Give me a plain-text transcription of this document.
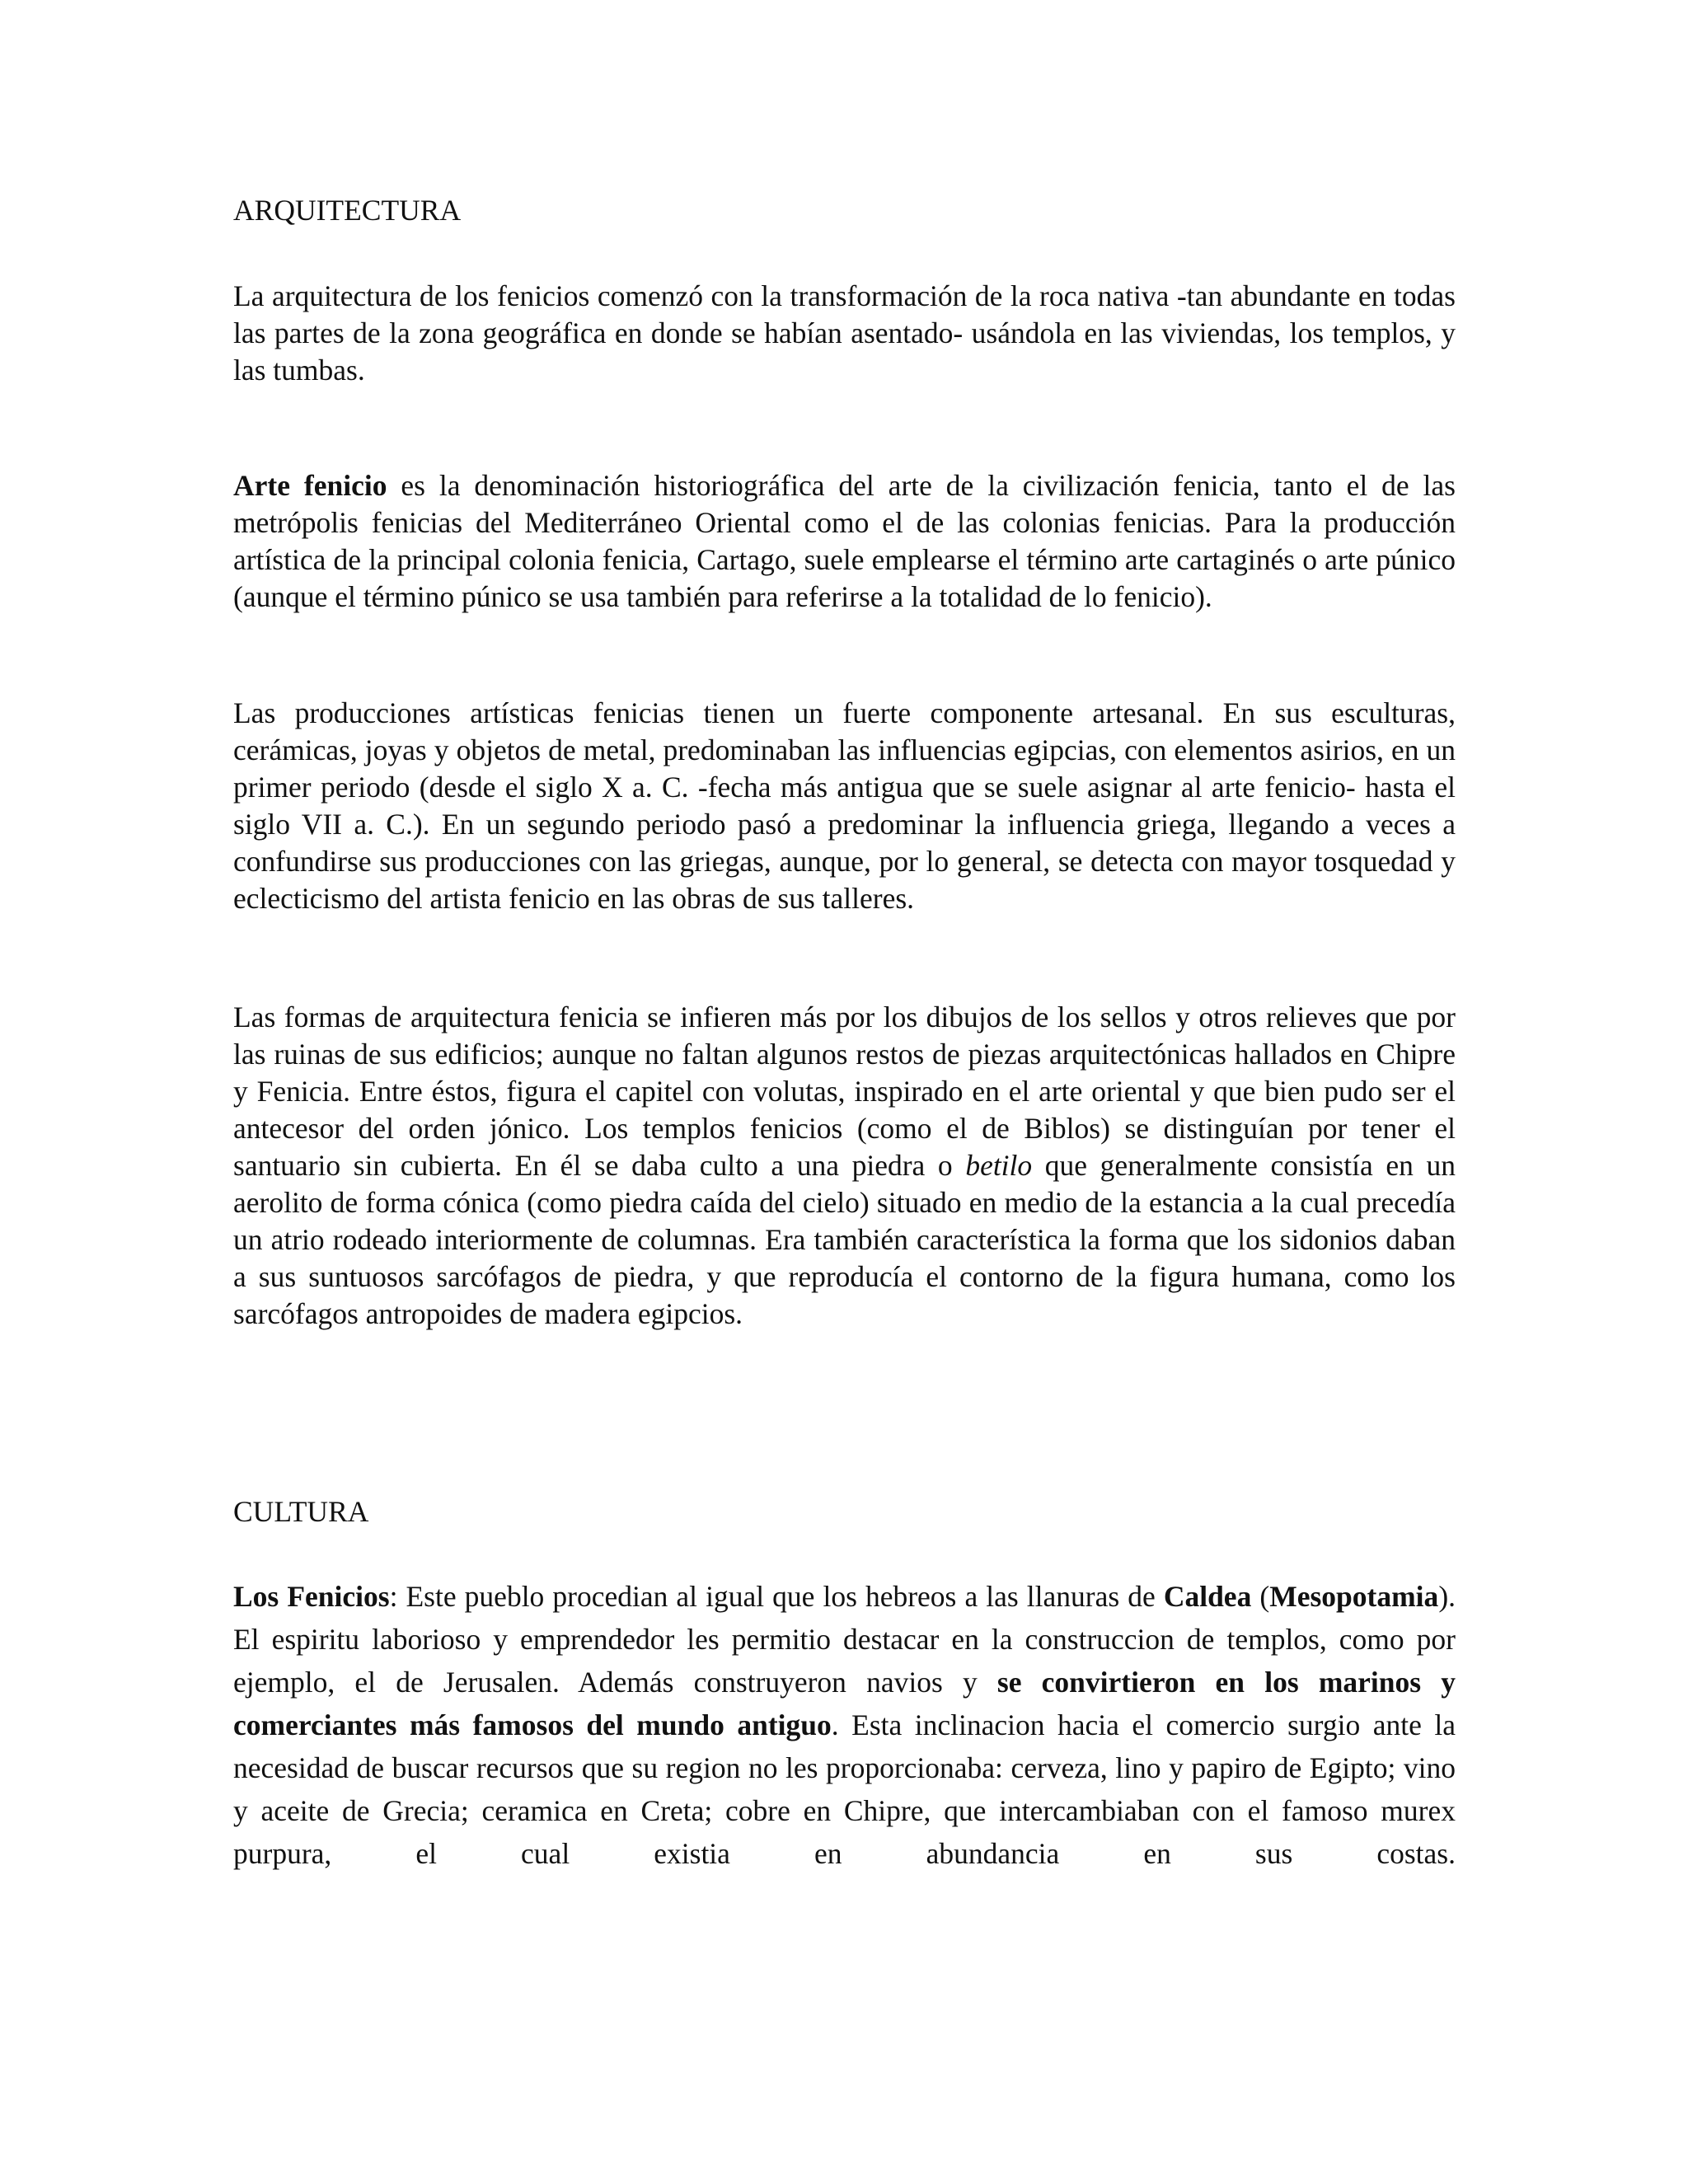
ARQUITECTURA

La arquitectura de los fenicios comenzó con la transformación de la roca nativa -tan abundante en todas las partes de la zona geográfica en donde se habían asentado- usándola en las viviendas, los templos, y las tumbas.

Arte fenicio es la denominación historiográfica del arte de la civilización fenicia, tanto el de las metrópolis fenicias del Mediterráneo Oriental como el de las colonias fenicias. Para la producción artística de la principal colonia fenicia, Cartago, suele emplearse el término arte cartaginés o arte púnico (aunque el término púnico se usa también para referirse a la totalidad de lo fenicio).

Las producciones artísticas fenicias tienen un fuerte componente artesanal. En sus esculturas, cerámicas, joyas y objetos de metal, predominaban las influencias egipcias, con elementos asirios, en un primer periodo (desde el siglo X a. C. -fecha más antigua que se suele asignar al arte fenicio- hasta el siglo VII a. C.). En un segundo periodo pasó a predominar la influencia griega, llegando a veces a confundirse sus producciones con las griegas, aunque, por lo general, se detecta con mayor tosquedad y eclecticismo del artista fenicio en las obras de sus talleres.

Las formas de arquitectura fenicia se infieren más por los dibujos de los sellos y otros relieves que por las ruinas de sus edificios; aunque no faltan algunos restos de piezas arquitectónicas hallados en Chipre y Fenicia. Entre éstos, figura el capitel con volutas, inspirado en el arte oriental y que bien pudo ser el antecesor del orden jónico. Los templos fenicios (como el de Biblos) se distinguían por tener el santuario sin cubierta. En él se daba culto a una piedra o betilo que generalmente consistía en un aerolito de forma cónica (como piedra caída del cielo) situado en medio de la estancia a la cual precedía un atrio rodeado interiormente de columnas. Era también característica la forma que los sidonios daban a sus suntuosos sarcófagos de piedra, y que reproducía el contorno de la figura humana, como los sarcófagos antropoides de madera egipcios.

CULTURA

Los Fenicios: Este pueblo procedian al igual que los hebreos a las llanuras de Caldea (Mesopotamia). El espiritu laborioso y emprendedor les permitio destacar en la construccion de templos, como por ejemplo, el de Jerusalen. Además construyeron navios y se convirtieron en los marinos y comerciantes más famosos del mundo antiguo. Esta inclinacion hacia el comercio surgio ante la necesidad de buscar recursos que su region no les proporcionaba: cerveza, lino y papiro de Egipto; vino y aceite de Grecia; ceramica en Creta; cobre en Chipre, que intercambiaban con el famoso murex purpura, el cual existia en abundancia en sus costas.
